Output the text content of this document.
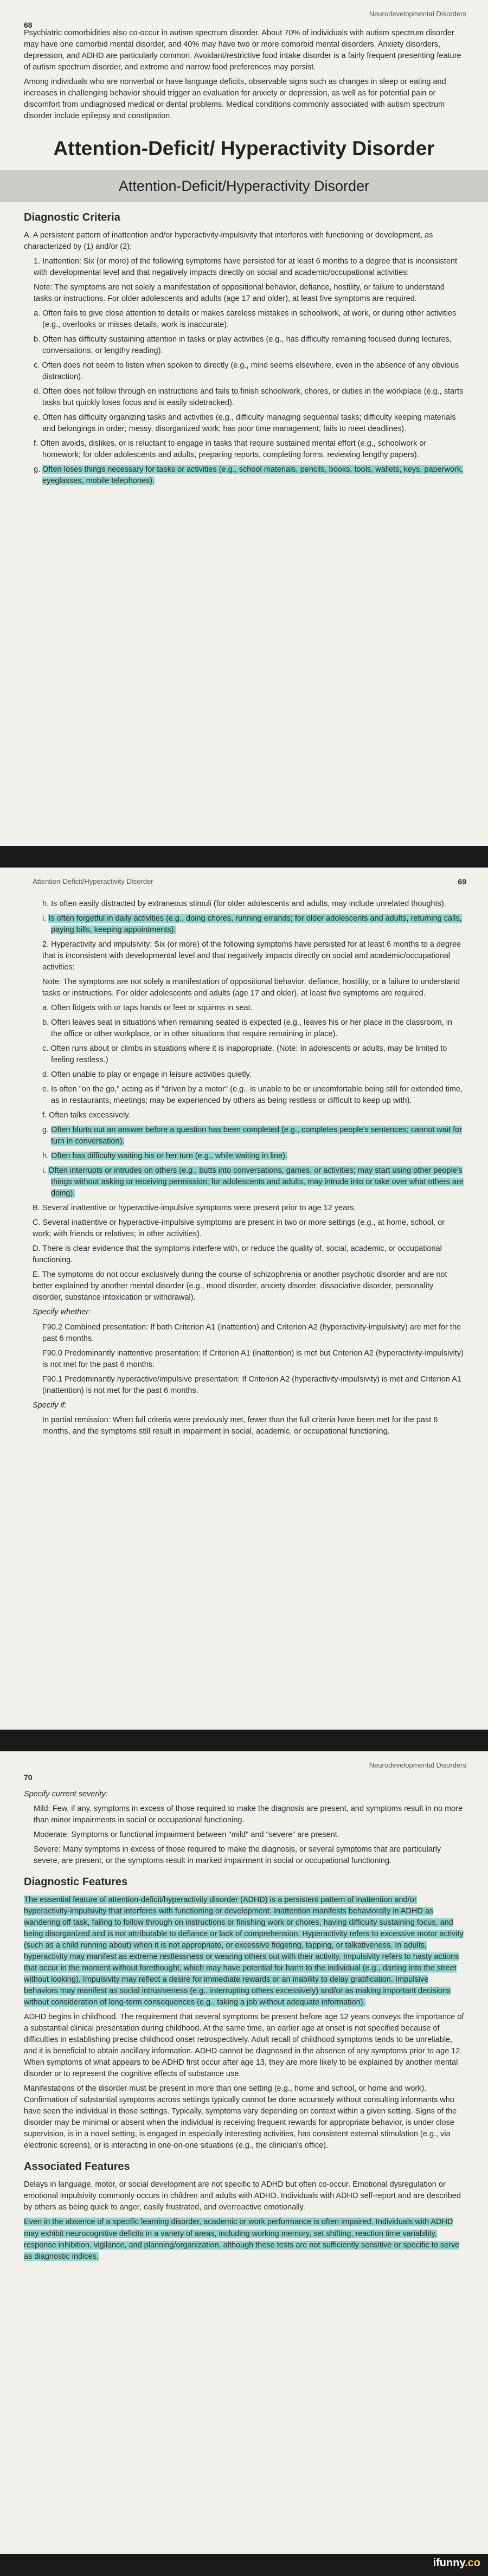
Neurodevelopmental Disorders
68

Psychiatric comorbidities also co-occur in autism spectrum disorder. About 70% of individuals with autism spectrum disorder may have one comorbid mental disorder, and 40% may have two or more comorbid mental disorders. Anxiety disorders, depression, and ADHD are particularly common. Avoidant/restrictive food intake disorder is a fairly frequent presenting feature of autism spectrum disorder, and extreme and narrow food preferences may persist.

Among individuals who are nonverbal or have language deficits, observable signs such as changes in sleep or eating and increases in challenging behavior should trigger an evaluation for anxiety or depression, as well as for potential pain or discomfort from undiagnosed medical or dental problems. Medical conditions commonly associated with autism spectrum disorder include epilepsy and constipation.

Attention-Deficit/ Hyperactivity Disorder
Attention-Deficit/Hyperactivity Disorder
Diagnostic Criteria

A. A persistent pattern of inattention and/or hyperactivity-impulsivity that interferes with functioning or development, as characterized by (1) and/or (2):

1. Inattention: Six (or more) of the following symptoms have persisted for at least 6 months to a degree that is inconsistent with developmental level and that negatively impacts directly on social and academic/occupational activities:

Note: The symptoms are not solely a manifestation of oppositional behavior, defiance, hostility, or failure to understand tasks or instructions. For older adolescents and adults (age 17 and older), at least five symptoms are required.

a. Often fails to give close attention to details or makes careless mistakes in schoolwork, at work, or during other activities (e.g., overlooks or misses details, work is inaccurate).
b. Often has difficulty sustaining attention in tasks or play activities (e.g., has difficulty remaining focused during lectures, conversations, or lengthy reading).
c. Often does not seem to listen when spoken to directly (e.g., mind seems elsewhere, even in the absence of any obvious distraction).
d. Often does not follow through on instructions and fails to finish schoolwork, chores, or duties in the workplace (e.g., starts tasks but quickly loses focus and is easily sidetracked).
e. Often has difficulty organizing tasks and activities (e.g., difficulty managing sequential tasks; difficulty keeping materials and belongings in order; messy, disorganized work; has poor time management; fails to meet deadlines).
f. Often avoids, dislikes, or is reluctant to engage in tasks that require sustained mental effort (e.g., schoolwork or homework; for older adolescents and adults, preparing reports, completing forms, reviewing lengthy papers).
g. Often loses things necessary for tasks or activities (e.g., school materials, pencils, books, tools, wallets, keys, paperwork, eyeglasses, mobile telephones).
Attention-Deficit/Hyperactivity Disorder	69
h. Is often easily distracted by extraneous stimuli (for older adolescents and adults, may include unrelated thoughts).
i. Is often forgetful in daily activities (e.g., doing chores, running errands; for older adolescents and adults, returning calls, paying bills, keeping appointments).

2. Hyperactivity and impulsivity: Six (or more) of the following symptoms have persisted for at least 6 months to a degree that is inconsistent with developmental level and that negatively impacts directly on social and academic/occupational activities:

Note: The symptoms are not solely a manifestation of oppositional behavior, defiance, hostility, or a failure to understand tasks or instructions. For older adolescents and adults (age 17 and older), at least five symptoms are required.

a. Often fidgets with or taps hands or feet or squirms in seat.
b. Often leaves seat in situations when remaining seated is expected (e.g., leaves his or her place in the classroom, in the office or other workplace, or in other situations that require remaining in place).
c. Often runs about or climbs in situations where it is inappropriate. (Note: In adolescents or adults, may be limited to feeling restless.)
d. Often unable to play or engage in leisure activities quietly.
e. Is often "on the go," acting as if "driven by a motor" (e.g., is unable to be or uncomfortable being still for extended time, as in restaurants, meetings; may be experienced by others as being restless or difficult to keep up with).
f. Often talks excessively.
g. Often blurts out an answer before a question has been completed (e.g., completes people's sentences; cannot wait for turn in conversation).
h. Often has difficulty waiting his or her turn (e.g., while waiting in line).
i. Often interrupts or intrudes on others (e.g., butts into conversations, games, or activities; may start using other people's things without asking or receiving permission; for adolescents and adults, may intrude into or take over what others are doing).

B. Several inattentive or hyperactive-impulsive symptoms were present prior to age 12 years.

C. Several inattentive or hyperactive-impulsive symptoms are present in two or more settings (e.g., at home, school, or work; with friends or relatives; in other activities).

D. There is clear evidence that the symptoms interfere with, or reduce the quality of, social, academic, or occupational functioning.

E. The symptoms do not occur exclusively during the course of schizophrenia or another psychotic disorder and are not better explained by another mental disorder (e.g., mood disorder, anxiety disorder, dissociative disorder, personality disorder, substance intoxication or withdrawal).

Specify whether:

F90.2 Combined presentation: If both Criterion A1 (inattention) and Criterion A2 (hyperactivity-impulsivity) are met for the past 6 months.

F90.0 Predominantly inattentive presentation: If Criterion A1 (inattention) is met but Criterion A2 (hyperactivity-impulsivity) is not met for the past 6 months.

F90.1 Predominantly hyperactive/impulsive presentation: If Criterion A2 (hyperactivity-impulsivity) is met and Criterion A1 (inattention) is not met for the past 6 months.

Specify if:

In partial remission: When full criteria were previously met, fewer than the full criteria have been met for the past 6 months, and the symptoms still result in impairment in social, academic, or occupational functioning.

Neurodevelopmental Disorders
70

Specify current severity:

Mild: Few, if any, symptoms in excess of those required to make the diagnosis are present, and symptoms result in no more than minor impairments in social or occupational functioning.

Moderate: Symptoms or functional impairment between "mild" and "severe" are present.

Severe: Many symptoms in excess of those required to make the diagnosis, or several symptoms that are particularly severe, are present, or the symptoms result in marked impairment in social or occupational functioning.

Diagnostic Features

The essential feature of attention-deficit/hyperactivity disorder (ADHD) is a persistent pattern of inattention and/or hyperactivity-impulsivity that interferes with functioning or development. Inattention manifests behaviorally in ADHD as wandering off task, failing to follow through on instructions or finishing work or chores, having difficulty sustaining focus, and being disorganized and is not attributable to defiance or lack of comprehension. Hyperactivity refers to excessive motor activity (such as a child running about) when it is not appropriate, or excessive fidgeting, tapping, or talkativeness. In adults, hyperactivity may manifest as extreme restlessness or wearing others out with their activity. Impulsivity refers to hasty actions that occur in the moment without forethought, which may have potential for harm to the individual (e.g., darting into the street without looking). Impulsivity may reflect a desire for immediate rewards or an inability to delay gratification. Impulsive behaviors may manifest as social intrusiveness (e.g., interrupting others excessively) and/or as making important decisions without consideration of long-term consequences (e.g., taking a job without adequate information).

ADHD begins in childhood. The requirement that several symptoms be present before age 12 years conveys the importance of a substantial clinical presentation during childhood. At the same time, an earlier age at onset is not specified because of difficulties in establishing precise childhood onset retrospectively. Adult recall of childhood symptoms tends to be unreliable, and it is beneficial to obtain ancillary information. ADHD cannot be diagnosed in the absence of any symptoms prior to age 12. When symptoms of what appears to be ADHD first occur after age 13, they are more likely to be explained by another mental disorder or to represent the cognitive effects of substance use.

Manifestations of the disorder must be present in more than one setting (e.g., home and school, or home and work). Confirmation of substantial symptoms across settings typically cannot be done accurately without consulting informants who have seen the individual in those settings. Typically, symptoms vary depending on context within a given setting. Signs of the disorder may be minimal or absent when the individual is receiving frequent rewards for appropriate behavior, is under close supervision, is in a novel setting, is engaged in especially interesting activities, has consistent external stimulation (e.g., via electronic screens), or is interacting in one-on-one situations (e.g., the clinician's office).

Associated Features

Delays in language, motor, or social development are not specific to ADHD but often co-occur. Emotional dysregulation or emotional impulsivity commonly occurs in children and adults with ADHD. Individuals with ADHD self-report and are described by others as being quick to anger, easily frustrated, and overreactive emotionally.

Even in the absence of a specific learning disorder, academic or work performance is often impaired. Individuals with ADHD may exhibit neurocognitive deficits in a variety of areas, including working memory, set shifting, reaction time variability, response inhibition, vigilance, and planning/organization, although these tests are not sufficiently sensitive or specific to serve as diagnostic indices.

ifunny.co
